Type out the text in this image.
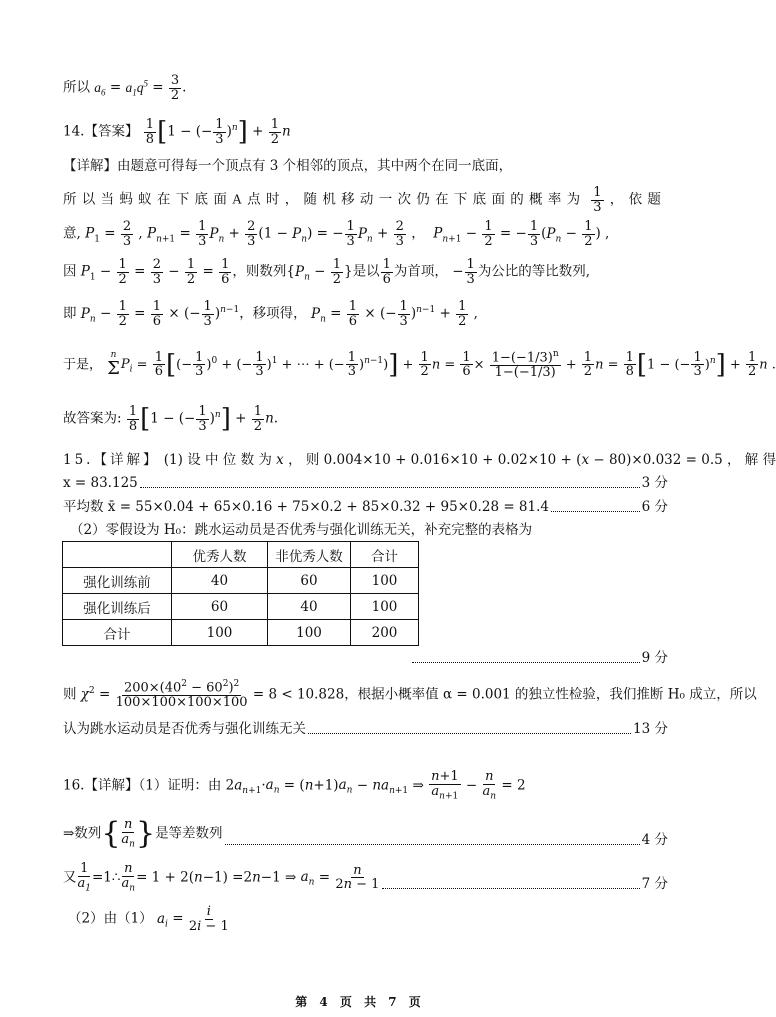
所以 $a_6 = a_1q^5 = \frac{3}{2}$ .
14.【答案】 $\frac{1}{8} [1$ − (− $\frac{1}{3} )^n] + \frac{1}{2}$ n
【详解】由题意可得每一个顶点有 3 个相邻的顶点，其中两个在同一底面，
所 以 当 蚂 蚁 在 下 底 面 A 点 时 ， 随 机 移 动 一 次 仍 在 下 底 面 的 概 率 为 $\frac{1}{3}$ ， 依 题
意, $P_1 = \frac{2}{3}$ , $P_{n+1} = \frac{1}{3} P_n + \frac{2}{3} (1 - P_n)$ = − $\frac{1}{3} P_n + \frac{2}{3}$ ，  $P_{n+1} - \frac{1}{2}$ = − $\frac{1}{3} (P_n - \frac{1}{2}$ ) ,
因 $P_1 - \frac{1}{2} = \frac{2}{3} - \frac{1}{2} = \frac{1}{6}$ ，则数列{$P_n - \frac{1}{2}$ }是以 $\frac{1}{6}$ 为首项， − $\frac{1}{3}$ 为公比的等比数列,
即 $P_n - \frac{1}{2} = \frac{1}{6}$ × (− $\frac{1}{3} )^{n-1}$，移项得， $P_n = \frac{1}{6}$ × (− $\frac{1}{3} )^{n-1} + \frac{1}{2}$ ,
于是，
n
Σ $P_i = \frac{1}{6}$ [(− $\frac{1}{3} )^0$ + (− $\frac{1}{3} )^1$ + ⋯ + (− $\frac{1}{3} )^{n-1})] + \frac{1}{2}$ $n = \frac{1}{6} \times \frac{1-(-1/3)^n}{1-(-1/3)} + \frac{1}{2}$ $n = \frac{1}{8} [1$ − (− $\frac{1}{3} )^n] + \frac{1}{2}$ n .
故答案为: $\frac{1}{8} [1$ − (− $\frac{1}{3} )^n] + \frac{1}{2} n$.
15.【详解】 (1) 设 中 位 数 为 x ， 则 0.004×10 + 0.016×10 + 0.02×10 + (x − 80)×0.032 = 0.5 ， 解 得
x = 83.125	3 分
平均数 x̄ = 55×0.04 + 65×0.16 + 75×0.2 + 85×0.32 + 95×0.28 = 81.4	6 分
（2）零假设为 H₀：跳水运动员是否优秀与强化训练无关，补充完整的表格为
	优秀人数	非优秀人数	合计
强化训练前	40	60	100
强化训练后	60	40	100
合计	100	100	200
9 分
则 $\chi^2 = \frac{200\times(40^2 - 60^2)^2}{100\times 100\times 100\times 100} = 8 < 10.828$，根据小概率值 α = 0.001 的独立性检验，我们推断 H₀ 成立，所以
认为跳水运动员是否优秀与强化训练无关	13 分
16.【详解】（1）证明：由 $2a_{n+1}\cdot a_n = (n+1)a_n - na_{n+1}$ ⇒ $\frac{n+1}{a_{n+1}} - \frac{n}{a_n} = 2$
⇒数列{ $\frac{n}{a_n}$ }是等差数列	4 分
又 $\frac{1}{a_1}$ =1∴ $\frac{n}{a_n} = 1 + 2(n-1) =2n-1$ ⇒ $a_n = \frac{n}{2n - 1}$	7 分
（2）由（1） $a_i = \frac{i}{2i - 1}$
第 4 页 共 7 页
